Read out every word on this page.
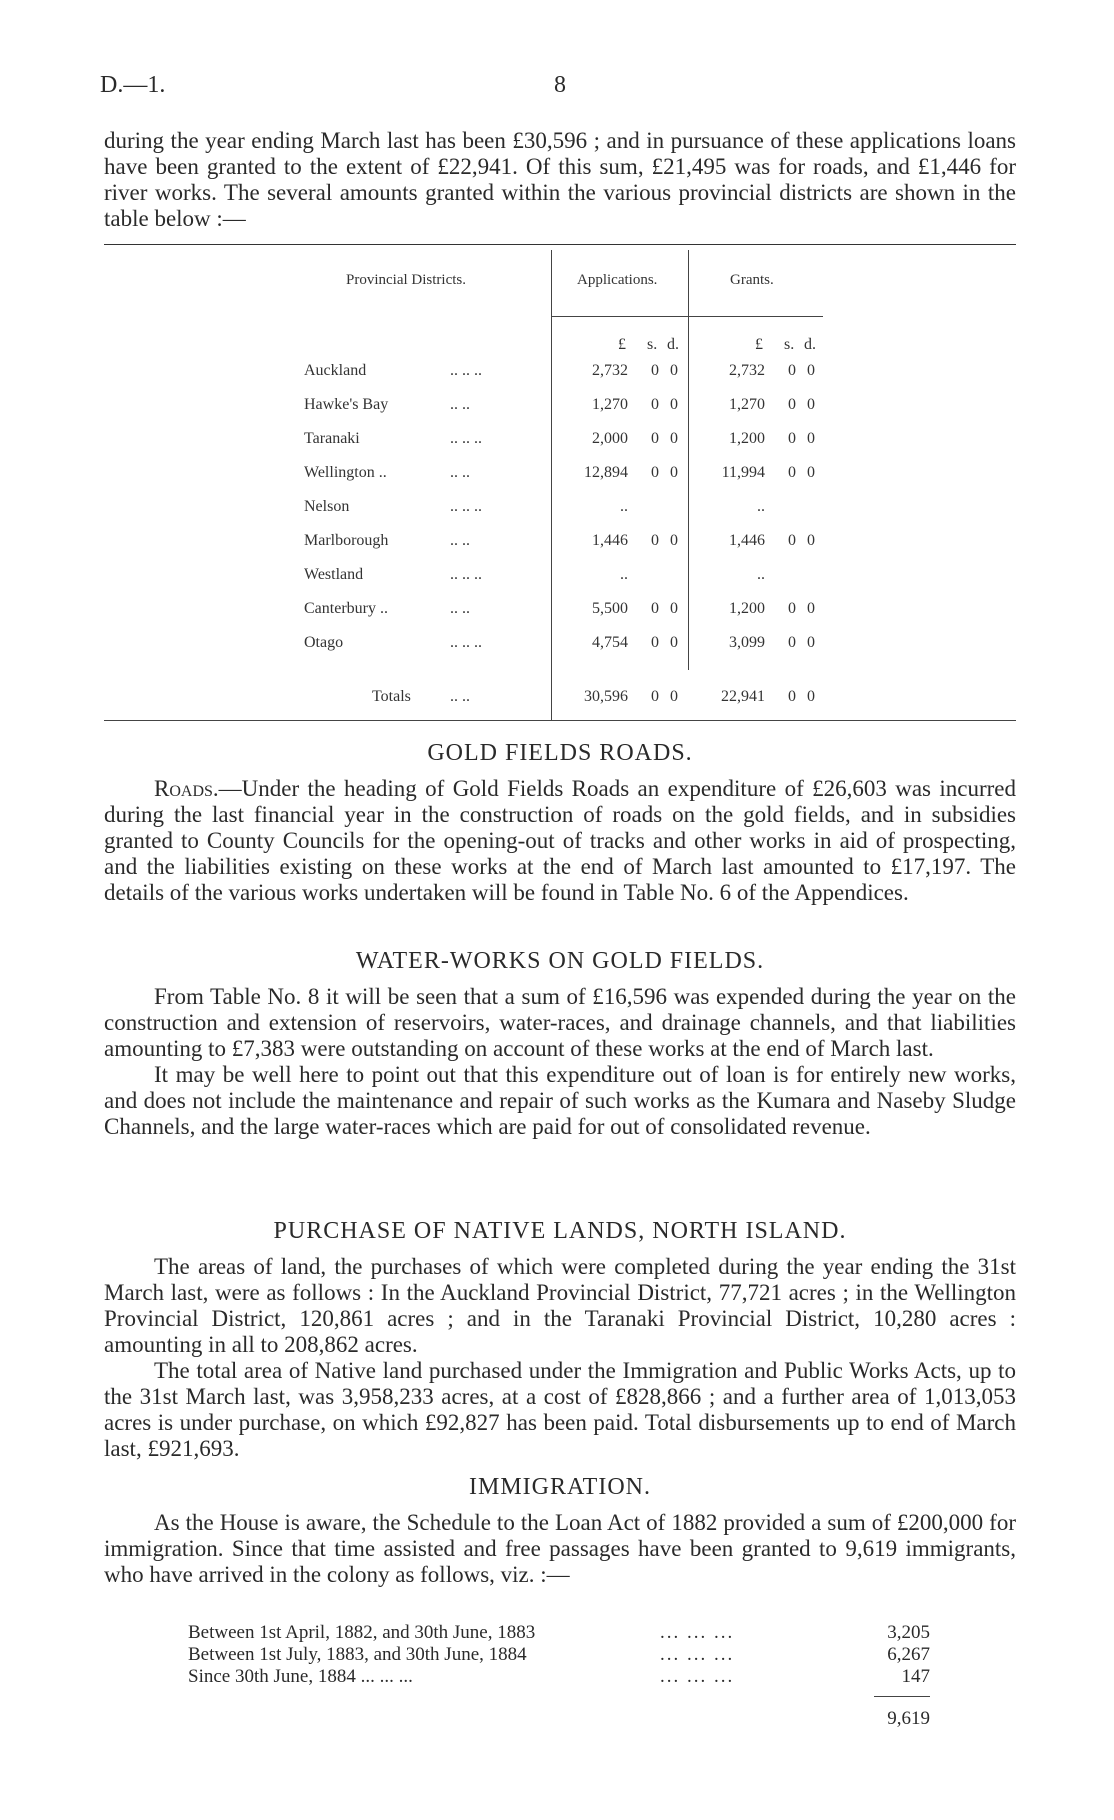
D.—1.	8

during the year ending March last has been £30,596 ; and in pursuance of these applications loans have been granted to the extent of £22,941. Of this sum, £21,495 was for roads, and £1,446 for river works. The several amounts granted within the various provincial districts are shown in the table below :—

Provincial Districts.	Applications.	Grants.
£ s. d.	£ s. d.
Auckland	.. .. ..	2,732 0 0	2,732 0 0
Hawke's Bay	.. ..	1,270 0 0	1,270 0 0
Taranaki	.. .. ..	2,000 0 0	1,200 0 0
Wellington ..	.. ..	12,894 0 0	11,994 0 0
Nelson	.. .. ..	..	..
Marlborough	.. ..	1,446 0 0	1,446 0 0
Westland	.. .. ..	..	..
Canterbury ..	.. ..	5,500 0 0	1,200 0 0
Otago	.. .. ..	4,754 0 0	3,099 0 0
Totals .. ..	30,596 0 0	22,941 0 0
GOLD FIELDS ROADS.

Roads.—Under the heading of Gold Fields Roads an expenditure of £26,603 was incurred during the last financial year in the construction of roads on the gold fields, and in subsidies granted to County Councils for the opening-out of tracks and other works in aid of prospecting, and the liabilities existing on these works at the end of March last amounted to £17,197. The details of the various works undertaken will be found in Table No. 6 of the Appendices.

WATER-WORKS ON GOLD FIELDS.

From Table No. 8 it will be seen that a sum of £16,596 was expended during the year on the construction and extension of reservoirs, water-races, and drainage channels, and that liabilities amounting to £7,383 were outstanding on account of these works at the end of March last.

It may be well here to point out that this expenditure out of loan is for entirely new works, and does not include the maintenance and repair of such works as the Kumara and Naseby Sludge Channels, and the large water-races which are paid for out of consolidated revenue.

PURCHASE OF NATIVE LANDS, NORTH ISLAND.

The areas of land, the purchases of which were completed during the year ending the 31st March last, were as follows : In the Auckland Provincial District, 77,721 acres ; in the Wellington Provincial District, 120,861 acres ; and in the Taranaki Provincial District, 10,280 acres : amounting in all to 208,862 acres.

The total area of Native land purchased under the Immigration and Public Works Acts, up to the 31st March last, was 3,958,233 acres, at a cost of £828,866 ; and a further area of 1,013,053 acres is under purchase, on which £92,827 has been paid. Total disbursements up to end of March last, £921,693.

IMMIGRATION.

As the House is aware, the Schedule to the Loan Act of 1882 provided a sum of £200,000 for immigration. Since that time assisted and free passages have been granted to 9,619 immigrants, who have arrived in the colony as follows, viz. :—

Between 1st April, 1882, and 30th June, 1883	... ... ...	3,205
Between 1st July, 1883, and 30th June, 1884	... ... ...	6,267
Since 30th June, 1884 ... ... ...	... ... ...	147
9,619
